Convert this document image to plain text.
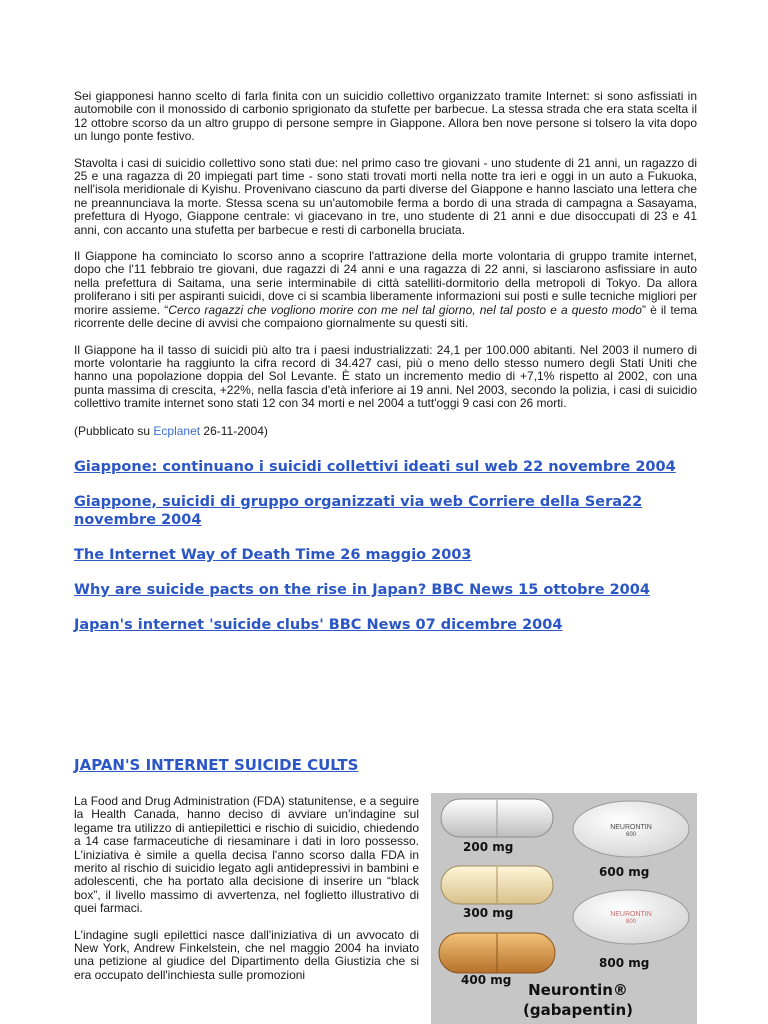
Sei giapponesi hanno scelto di farla finita con un suicidio collettivo organizzato tramite Internet: si sono asfissiati in automobile con il monossido di carbonio sprigionato da stufette per barbecue. La stessa strada che era stata scelta il 12 ottobre scorso da un altro gruppo di persone sempre in Giappone. Allora ben nove persone si tolsero la vita dopo un lungo ponte festivo.

Stavolta i casi di suicidio collettivo sono stati due: nel primo caso tre giovani - uno studente di 21 anni, un ragazzo di 25 e una ragazza di 20 impiegati part time - sono stati trovati morti nella notte tra ieri e oggi in un auto a Fukuoka, nell'isola meridionale di Kyishu. Provenivano ciascuno da parti diverse del Giappone e hanno lasciato una lettera che ne preannunciava la morte. Stessa scena su un'automobile ferma a bordo di una strada di campagna a Sasayama, prefettura di Hyogo, Giappone centrale: vi giacevano in tre, uno studente di 21 anni e due disoccupati di 23 e 41 anni, con accanto una stufetta per barbecue e resti di carbonella bruciata.

Il Giappone ha cominciato lo scorso anno a scoprire l'attrazione della morte volontaria di gruppo tramite internet, dopo che l'11 febbraio tre giovani, due ragazzi di 24 anni e una ragazza di 22 anni, si lasciarono asfissiare in auto nella prefettura di Saitama, una serie interminabile di città satelliti-dormitorio della metropoli di Tokyo. Da allora proliferano i siti per aspiranti suicidi, dove ci si scambia liberamente informazioni sui posti e sulle tecniche migliori per morire assieme. “Cerco ragazzi che vogliono morire con me nel tal giorno, nel tal posto e a questo modo” è il tema ricorrente delle decine di avvisi che compaiono giornalmente su questi siti.

Il Giappone ha il tasso di suicidi più alto tra i paesi industrializzati: 24,1 per 100.000 abitanti. Nel 2003 il numero di morte volontarie ha raggiunto la cifra record di 34.427 casi, più o meno dello stesso numero degli Stati Uniti che hanno una popolazione doppia del Sol Levante. È stato un incremento medio di +7,1% rispetto al 2002, con una punta massima di crescita, +22%, nella fascia d'età inferiore ai 19 anni. Nel 2003, secondo la polizia, i casi di suicidio collettivo tramite internet sono stati 12 con 34 morti e nel 2004 a tutt'oggi 9 casi con 26 morti.

(Pubblicato su Ecplanet 26-11-2004)

Giappone: continuano i suicidi collettivi ideati sul web 22 novembre 2004
Giappone, suicidi di gruppo organizzati via web Corriere della Sera22 novembre 2004
The Internet Way of Death Time 26 maggio 2003
Why are suicide pacts on the rise in Japan? BBC News 15 ottobre 2004
Japan's internet 'suicide clubs' BBC News 07 dicembre 2004
JAPAN'S INTERNET SUICIDE CULTS

La Food and Drug Administration (FDA) statunitense, e a seguire la Health Canada, hanno deciso di avviare un'indagine sul legame tra utilizzo di antiepilettici e rischio di suicidio, chiedendo a 14 case farmaceutiche di riesaminare i dati in loro possesso. L'iniziativa è simile a quella decisa l'anno scorso dalla FDA in merito al rischio di suicidio legato agli antidepressivi in bambini e adolescenti, che ha portato alla decisione di inserire un “black box”, il livello massimo di avvertenza, nel foglietto illustrativo di quei farmaci.

L'indagine sugli epilettici nasce dall'iniziativa di un avvocato di New York, Andrew Finkelstein, che nel maggio 2004 ha inviato una petizione al giudice del Dipartimento della Giustizia che si era occupato dell'inchiesta sulle promozioni

NEURONTIN
600
NEURONTIN
800
200 mg
300 mg
400 mg
600 mg
800 mg
Neurontin®
(gabapentin)
